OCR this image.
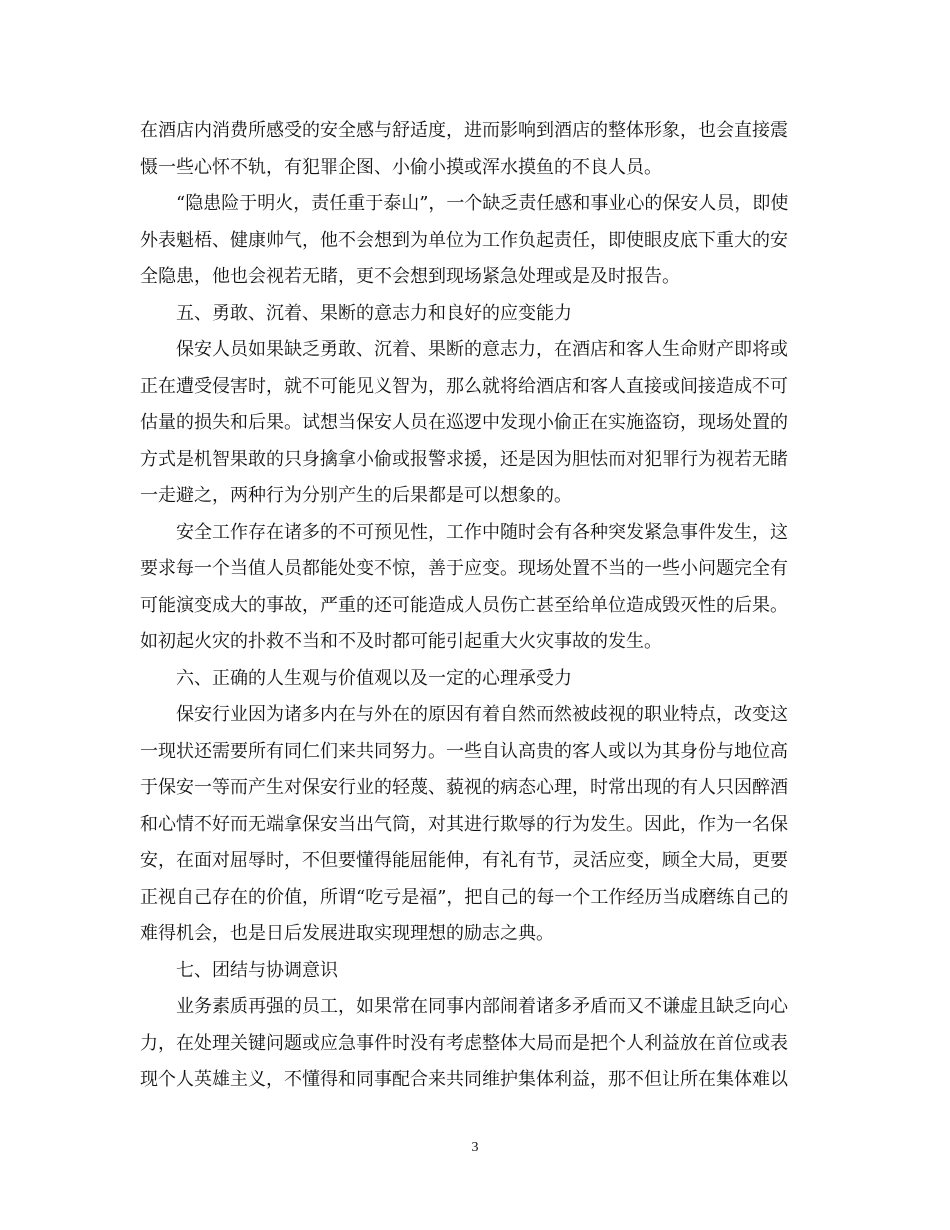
在酒店内消费所感受的安全感与舒适度，进而影响到酒店的整体形象，也会直接震
慑一些心怀不轨，有犯罪企图、小偷小摸或浑水摸鱼的不良人员。
“隐患险于明火，责任重于泰山”，一个缺乏责任感和事业心的保安人员，即使
外表魁梧、健康帅气，他不会想到为单位为工作负起责任，即使眼皮底下重大的安
全隐患，他也会视若无睹，更不会想到现场紧急处理或是及时报告。
五、勇敢、沉着、果断的意志力和良好的应变能力
保安人员如果缺乏勇敢、沉着、果断的意志力，在酒店和客人生命财产即将或
正在遭受侵害时，就不可能见义智为，那么就将给酒店和客人直接或间接造成不可
估量的损失和后果。试想当保安人员在巡逻中发现小偷正在实施盗窃，现场处置的
方式是机智果敢的只身擒拿小偷或报警求援，还是因为胆怯而对犯罪行为视若无睹
一走避之，两种行为分别产生的后果都是可以想象的。
安全工作存在诸多的不可预见性，工作中随时会有各种突发紧急事件发生，这
要求每一个当值人员都能处变不惊，善于应变。现场处置不当的一些小问题完全有
可能演变成大的事故，严重的还可能造成人员伤亡甚至给单位造成毁灭性的后果。
如初起火灾的扑救不当和不及时都可能引起重大火灾事故的发生。
六、正确的人生观与价值观以及一定的心理承受力
保安行业因为诸多内在与外在的原因有着自然而然被歧视的职业特点，改变这
一现状还需要所有同仁们来共同努力。一些自认高贵的客人或以为其身份与地位高
于保安一等而产生对保安行业的轻蔑、藐视的病态心理，时常出现的有人只因醉酒
和心情不好而无端拿保安当出气筒，对其进行欺辱的行为发生。因此，作为一名保
安，在面对屈辱时，不但要懂得能屈能伸，有礼有节，灵活应变，顾全大局，更要
正视自己存在的价值，所谓“吃亏是福”，把自己的每一个工作经历当成磨练自己的
难得机会，也是日后发展进取实现理想的励志之典。
七、团结与协调意识
业务素质再强的员工，如果常在同事内部闹着诸多矛盾而又不谦虚且缺乏向心
力，在处理关键问题或应急事件时没有考虑整体大局而是把个人利益放在首位或表
现个人英雄主义，不懂得和同事配合来共同维护集体利益，那不但让所在集体难以
3
